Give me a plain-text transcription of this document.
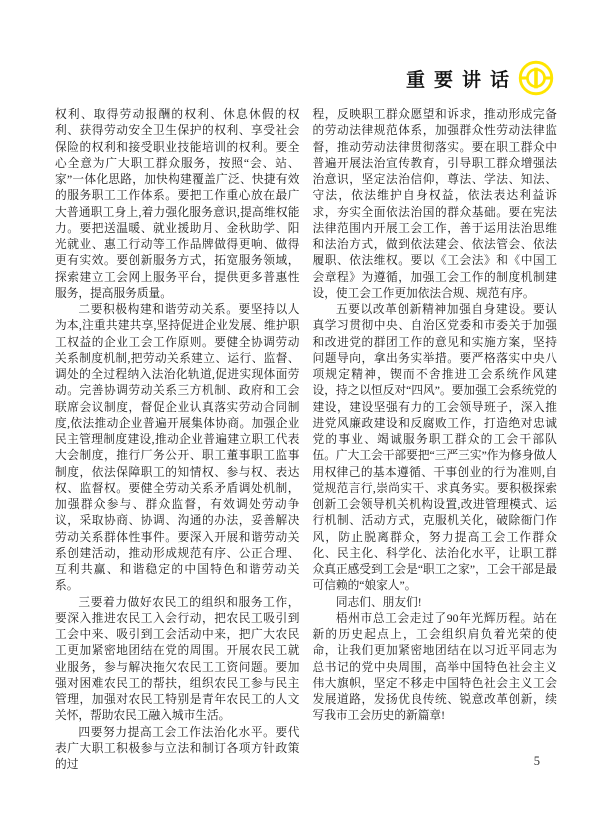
重要讲话

权利、取得劳动报酬的权利、休息休假的权利、获得劳动安全卫生保护的权利、享受社会保险的权利和接受职业技能培训的权利。要全心全意为广大职工群众服务，按照“会、站、家”一体化思路，加快构建覆盖广泛、快捷有效的服务职工工作体系。要把工作重心放在最广大普通职工身上,着力强化服务意识,提高维权能力。要把送温暖、就业援助月、金秋助学、阳光就业、惠工行动等工作品牌做得更响、做得更有实效。要创新服务方式，拓宽服务领域，探索建立工会网上服务平台，提供更多普惠性服务，提高服务质量。

二要积极构建和谐劳动关系。要坚持以人为本,注重共建共享,坚持促进企业发展、维护职工权益的企业工会工作原则。要健全协调劳动关系制度机制,把劳动关系建立、运行、监督、调处的全过程纳入法治化轨道,促进实现体面劳动。完善协调劳动关系三方机制、政府和工会联席会议制度，督促企业认真落实劳动合同制度,依法推动企业普遍开展集体协商。加强企业民主管理制度建设,推动企业普遍建立职工代表大会制度，推行厂务公开、职工董事职工监事制度，依法保障职工的知情权、参与权、表达权、监督权。要健全劳动关系矛盾调处机制，加强群众参与、群众监督，有效调处劳动争议，采取协商、协调、沟通的办法，妥善解决劳动关系群体性事件。要深入开展和谐劳动关系创建活动，推动形成规范有序、公正合理、互利共赢、和谐稳定的中国特色和谐劳动关系。

三要着力做好农民工的组织和服务工作，要深入推进农民工入会行动，把农民工吸引到工会中来、吸引到工会活动中来，把广大农民工更加紧密地团结在党的周围。开展农民工就业服务，参与解决拖欠农民工工资问题。要加强对困难农民工的帮扶，组织农民工参与民主管理，加强对农民工特别是青年农民工的人文关怀，帮助农民工融入城市生活。

四要努力提高工会工作法治化水平。要代表广大职工积极参与立法和制订各项方针政策的过

程，反映职工群众愿望和诉求，推动形成完备的劳动法律规范体系，加强群众性劳动法律监督，推动劳动法律贯彻落实。要在职工群众中普遍开展法治宣传教育，引导职工群众增强法治意识，坚定法治信仰，尊法、学法、知法、守法，依法维护自身权益，依法表达利益诉求，夯实全面依法治国的群众基础。要在宪法法律范围内开展工会工作，善于运用法治思维和法治方式，做到依法建会、依法管会、依法履职、依法维权。要以《工会法》和《中国工会章程》为遵循，加强工会工作的制度机制建设，使工会工作更加依法合规、规范有序。

五要以改革创新精神加强自身建设。要认真学习贯彻中央、自治区党委和市委关于加强和改进党的群团工作的意见和实施方案，坚持问题导向，拿出务实举措。要严格落实中央八项规定精神，锲而不舍推进工会系统作风建设，持之以恒反对“四风”。要加强工会系统党的建设，建设坚强有力的工会领导班子，深入推进党风廉政建设和反腐败工作，打造绝对忠诚党的事业、竭诚服务职工群众的工会干部队伍。广大工会干部要把“三严三实”作为修身做人用权律己的基本遵循、干事创业的行为准则,自觉规范言行,崇尚实干、求真务实。要积极探索创新工会领导机关机构设置,改进管理模式、运行机制、活动方式，克服机关化，破除衙门作风，防止脱离群众，努力提高工会工作群众化、民主化、科学化、法治化水平，让职工群众真正感受到工会是“职工之家”，工会干部是最可信赖的“娘家人”。

同志们、朋友们!

梧州市总工会走过了90年光辉历程。站在新的历史起点上，工会组织肩负着光荣的使命，让我们更加紧密地团结在以习近平同志为总书记的党中央周围，高举中国特色社会主义伟大旗帜，坚定不移走中国特色社会主义工会发展道路，发扬优良传统、锐意改革创新，续写我市工会历史的新篇章!

5
